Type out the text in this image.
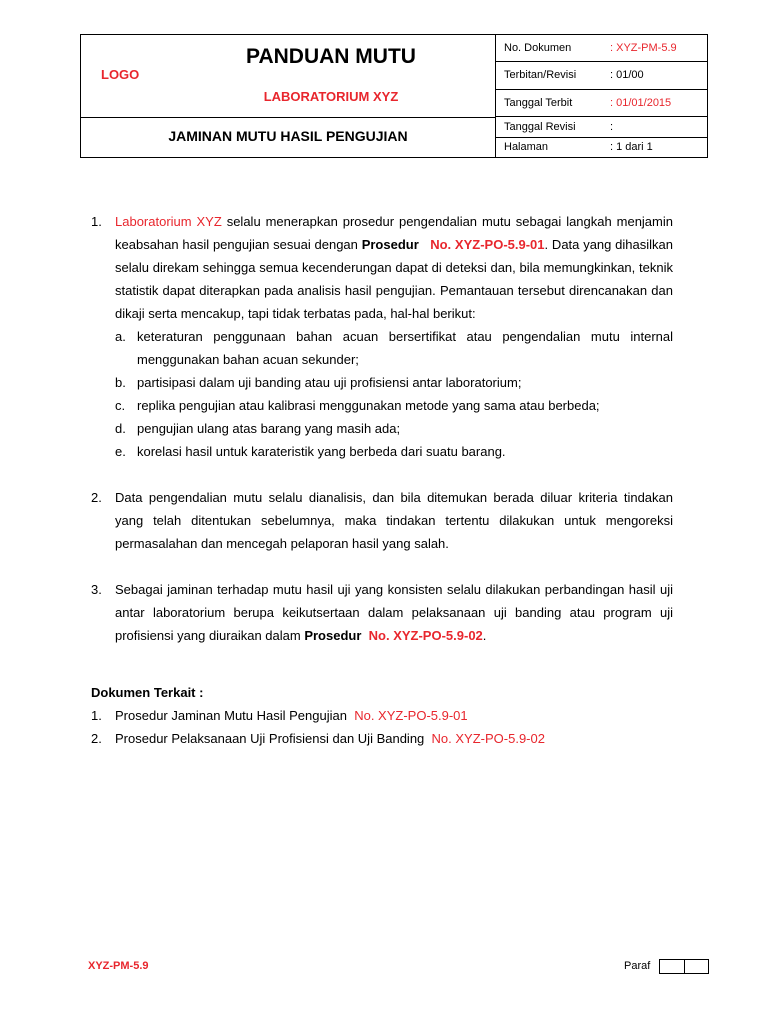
LOGO
PANDUAN MUTU
LABORATORIUM XYZ
JAMINAN MUTU HASIL PENGUJIAN
No. Dokumen	: XYZ-PM-5.9
Terbitan/Revisi	: 01/00
Tanggal Terbit	: 01/01/2015
Tanggal Revisi	:
Halaman	: 1 dari 1
1. Laboratorium XYZ selalu menerapkan prosedur pengendalian mutu sebagai langkah menjamin keabsahan hasil pengujian sesuai dengan Prosedur No. XYZ-PO-5.9-01. Data yang dihasilkan selalu direkam sehingga semua kecenderungan dapat di deteksi dan, bila memungkinkan, teknik statistik dapat diterapkan pada analisis hasil pengujian. Pemantauan tersebut direncanakan dan dikaji serta mencakup, tapi tidak terbatas pada, hal-hal berikut:
a. keteraturan penggunaan bahan acuan bersertifikat atau pengendalian mutu internal menggunakan bahan acuan sekunder;
b. partisipasi dalam uji banding atau uji profisiensi antar laboratorium;
c. replika pengujian atau kalibrasi menggunakan metode yang sama atau berbeda;
d. pengujian ulang atas barang yang masih ada;
e. korelasi hasil untuk karateristik yang berbeda dari suatu barang.
2. Data pengendalian mutu selalu dianalisis, dan bila ditemukan berada diluar kriteria tindakan yang telah ditentukan sebelumnya, maka tindakan tertentu dilakukan untuk mengoreksi permasalahan dan mencegah pelaporan hasil yang salah.
3. Sebagai jaminan terhadap mutu hasil uji yang konsisten selalu dilakukan perbandingan hasil uji antar laboratorium berupa keikutsertaan dalam pelaksanaan uji banding atau program uji profisiensi yang diuraikan dalam Prosedur No. XYZ-PO-5.9-02.
Dokumen Terkait :
1. Prosedur Jaminan Mutu Hasil Pengujian No. XYZ-PO-5.9-01
2. Prosedur Pelaksanaan Uji Profisiensi dan Uji Banding No. XYZ-PO-5.9-02
XYZ-PM-5.9	Paraf
